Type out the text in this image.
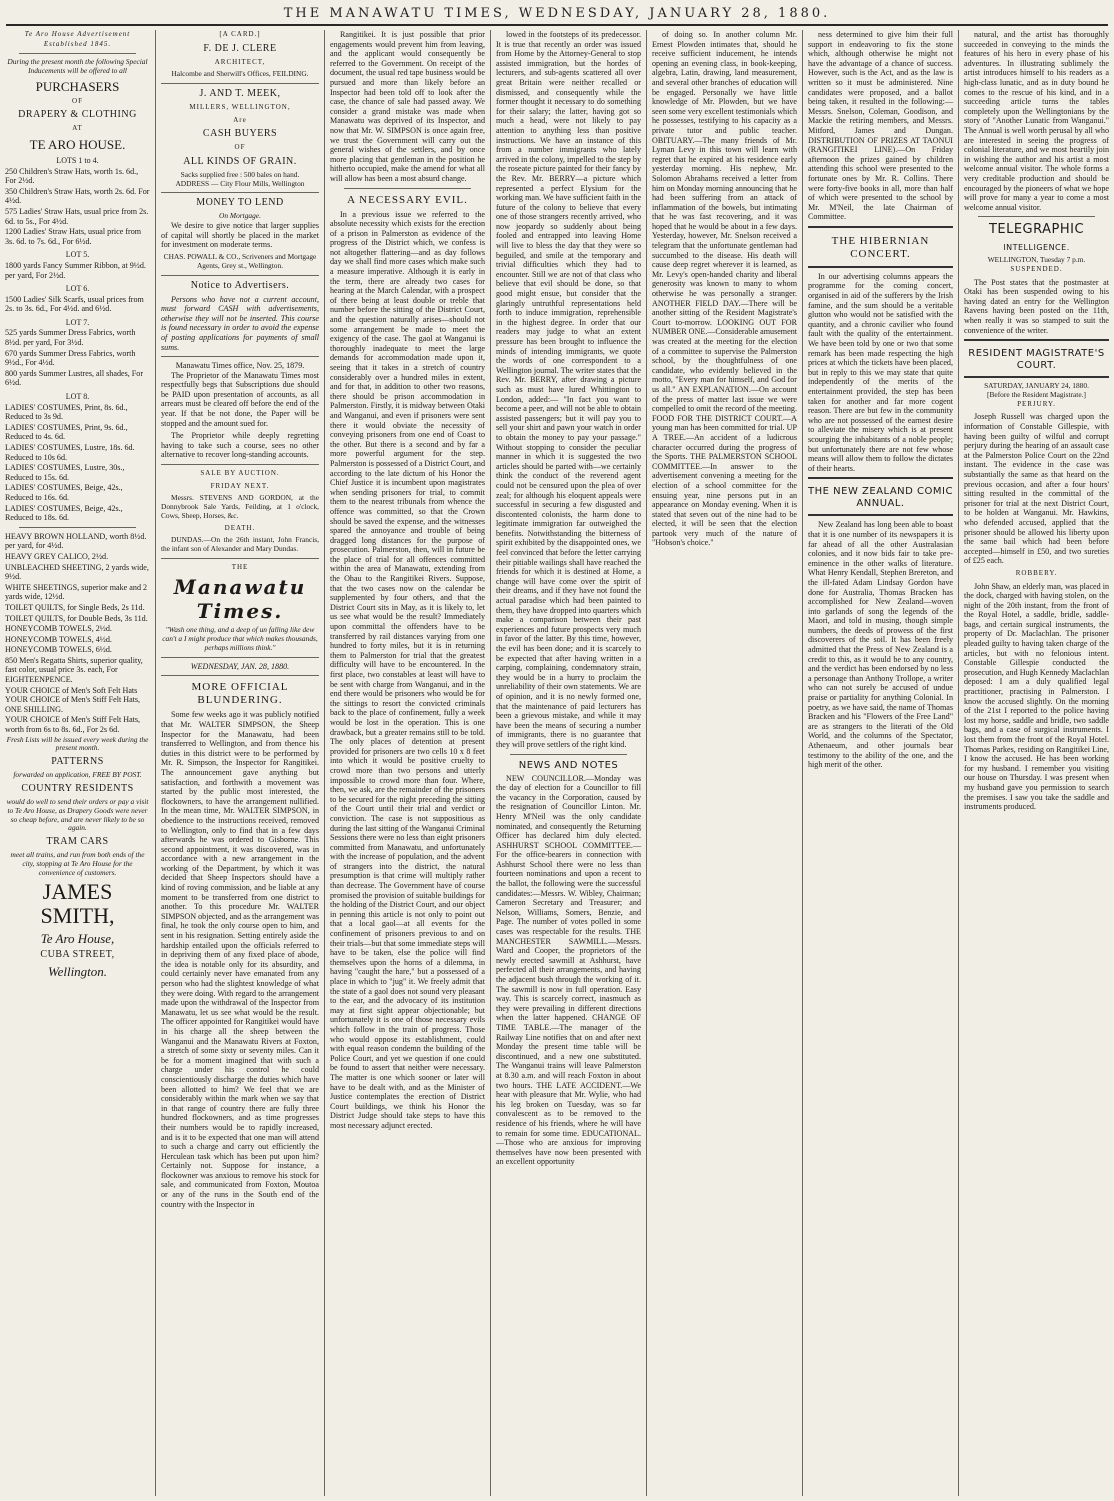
THE MANAWATU TIMES, WEDNESDAY, JANUARY 28, 1880.
Te Aro House Advertisement Established 1845.
During the present month the following Special Inducements will be offered to all
PURCHASERS
OF
DRAPERY & CLOTHING
AT
TE ARO HOUSE.
LOTS 1 to 4.
250 Children's Straw Hats, worth 1s. 6d., For 2½d.
350 Children's Straw Hats, worth 2s. 6d. For 4½d.
575 Ladies' Straw Hats, usual price from 2s. 6d. to 5s., For 4½d.
1200 Ladies' Straw Hats, usual price from 3s. 6d. to 7s. 6d., For 6½d.
LOT 5.
1800 yards Fancy Summer Ribbon, at 9½d. per yard, For 2½d.
LOT 6.
1500 Ladies' Silk Scarfs, usual prices from 2s. to 3s. 6d., For 4½d. and 6½d.
LOT 7.
525 yards Summer Dress Fabrics, worth 8½d. per yard, For 3½d.
670 yards Summer Dress Fabrics, worth 9½d., For 4½d.
800 yards Summer Lustres, all shades, For 6½d.
LOT 8.
LADIES' COSTUMES, Print, 8s. 6d., Reduced to 3s 9d.
LADIES' COSTUMES, Print, 9s. 6d., Reduced to 4s. 6d.
LADIES' COSTUMES, Lustre, 18s. 6d. Reduced to 10s 6d.
LADIES' COSTUMES, Lustre, 30s., Reduced to 15s. 6d.
LADIES' COSTUMES, Beige, 42s., Reduced to 16s. 6d.
LADIES' COSTUMES, Beige, 42s., Reduced to 18s. 6d.
HEAVY BROWN HOLLAND, worth 8½d. per yard, for 4½d.
HEAVY GREY CALICO, 2½d.
UNBLEACHED SHEETING, 2 yards wide, 9½d.
WHITE SHEETINGS, superior make and 2 yards wide, 12½d.
TOILET QUILTS, for Single Beds, 2s 11d.
TOILET QUILTS, for Double Beds, 3s 11d.
HONEYCOMB TOWELS, 2½d.
HONEYCOMB TOWELS, 4½d.
HONEYCOMB TOWELS, 6½d.
850 Men's Regatta Shirts, superior quality, fast color, usual price 3s. each, For EIGHTEENPENCE.
YOUR CHOICE of Men's Soft Felt Hats YOUR CHOICE of Men's Stiff Felt Hats, ONE SHILLING.
YOUR CHOICE of Men's Stiff Felt Hats, worth from 6s to 8s. 6d., For 2s 6d.
Fresh Lists will be issued every week during the present month.
PATTERNS
forwarded on application, FREE BY POST.
COUNTRY RESIDENTS
would do well to send their orders or pay a visit to Te Aro House, as Drapery Goods were never so cheap before, and are never likely to be so again.
TRAM CARS
meet all trains, and run from both ends of the city, stopping at Te Aro House for the convenience of customers.
JAMES SMITH,
Te Aro House,
CUBA STREET,
Wellington.
[A CARD.]
F. DE J. CLERE
ARCHITECT,
Halcombe and Sherwill's Offices, FEILDING.
J. AND T. MEEK,
MILLERS, WELLINGTON,
Are
CASH BUYERS
OF
ALL KINDS OF GRAIN.
Sacks supplied free : 500 bales on hand.
ADDRESS — City Flour Mills, Wellington
MONEY TO LEND
On Mortgage.

We desire to give notice that larger supplies of capital will shortly be placed in the market for investment on moderate terms.

CHAS. POWALL & CO., Scriveners and Mortgage Agents, Grey st., Wellington.
Notice to Advertisers.

Persons who have not a current account, must forward CASH with advertisements, otherwise they will not be inserted. This course is found necessary in order to avoid the expense of posting applications for payments of small sums.

Manawatu Times office, Nov. 25, 1879.

The Proprietor of the Manawatu Times most respectfully begs that Subscriptions due should be PAID upon presentation of accounts, as all arrears must be cleared off before the end of the year. If that be not done, the Paper will be stopped and the amount sued for.

The Proprietor while deeply regretting having to take such a course, sees no other alternative to recover long-standing accounts.

SALE BY AUCTION.
FRIDAY NEXT.

Messrs. STEVENS AND GORDON, at the Donnybrook Sale Yards, Feilding, at 1 o'clock, Cows, Sheep, Horses, &c.

DEATH.

DUNDAS.—On the 26th instant, John Francis, the infant son of Alexander and Mary Dundas.

THE
Manawatu Times.
"Wash one thing, and a deep of un falling like dew can't a I might produce that which makes thousands, perhaps millions think."
WEDNESDAY, JAN. 28, 1880.
MORE OFFICIAL BLUNDERING.

Some few weeks ago it was publicly notified that Mr. WALTER SIMPSON, the Sheep Inspector for the Manawatu, had been transferred to Wellington, and from thence his duties in this district were to be performed by Mr. R. Simpson, the Inspector for Rangitikei. The announcement gave anything but satisfaction, and forthwith a movement was started by the public most interested, the flockowners, to have the arrangement nullified. In the mean time, Mr. WALTER SIMPSON, in obedience to the instructions received, removed to Wellington, only to find that in a few days afterwards he was ordered to Gisborne. This second appointment, it was discovered, was in accordance with a new arrangement in the working of the Department, by which it was decided that Sheep Inspectors should have a kind of roving commission, and be liable at any moment to be transferred from one district to another. To this procedure Mr. WALTER SIMPSON objected, and as the arrangement was final, he took the only course open to him, and sent in his resignation. Setting entirely aside the hardship entailed upon the officials referred to in depriving them of any fixed place of abode, the idea is notable only for its absurdity, and could certainly never have emanated from any person who had the slightest knowledge of what they were doing. With regard to the arrangement made upon the withdrawal of the Inspector from Manawatu, let us see what would be the result. The officer appointed for Rangitikei would have in his charge all the sheep between the Wanganui and the Manawatu Rivers at Foxton, a stretch of some sixty or seventy miles. Can it be for a moment imagined that with such a charge under his control he could conscientiously discharge the duties which have been allotted to him? We feel that we are considerably within the mark when we say that in that range of country there are fully three hundred flockowners, and as time progresses their numbers would be to rapidly increased, and is it to be expected that one man will attend to such a charge and carry out efficiently the Herculean task which has been put upon him? Certainly not. Suppose for instance, a flockowner was anxious to remove his stock for sale, and communicated from Foxton, Moutoa or any of the runs in the South end of the country with the Inspector in

Rangitikei. It is just possible that prior engagements would prevent him from leaving, and the applicant would consequently be referred to the Government. On receipt of the document, the usual red tape business would be pursued and more than likely before an Inspector had been told off to look after the case, the chance of sale had passed away. We consider a grand mistake was made when Manawatu was deprived of its Inspector, and now that Mr. W. SIMPSON is once again free, we trust the Government will carry out the general wishes of the settlers, and by once more placing that gentleman in the position he hitherto occupied, make the amend for what all will allow has been a most absurd change.

A NECESSARY EVIL.

In a previous issue we referred to the absolute necessity which exists for the erection of a prison in Palmerston as evidence of the progress of the District which, we confess is not altogether flattering—and as day follows day we shall find more cases which make such a measure imperative. Although it is early in the term, there are already two cases for hearing at the March Calendar, with a prospect of there being at least double or treble that number before the sitting of the District Court, and the question naturally arises—should not some arrangement be made to meet the exigency of the case. The gaol at Wanganui is thoroughly inadequate to meet the large demands for accommodation made upon it, seeing that it takes in a stretch of country considerably over a hundred miles in extent, and for that, in addition to other two reasons, there should be prison accommodation in Palmerston. Firstly, it is midway between Otaki and Wanganui, and even if prisoners were sent there it would obviate the necessity of conveying prisoners from one end of Coast to the other. But there is a second and by far a more powerful argument for the step. Palmerston is possessed of a District Court, and according to the late dictum of his Honor the Chief Justice it is incumbent upon magistrates when sending prisoners for trial, to commit them to the nearest tribunals from whence the offence was committed, so that the Crown should be saved the expense, and the witnesses spared the annoyance and trouble of being dragged long distances for the purpose of prosecution. Palmerston, then, will in future be the place of trial for all offences committed within the area of Manawatu, extending from the Ohau to the Rangitikei Rivers. Suppose, that the two cases now on the calendar be supplemented by four others, and that the District Court sits in May, as it is likely to, let us see what would be the result? Immediately upon committal the offenders have to be transferred by rail distances varying from one hundred to forty miles, but it is in returning them to Palmerston for trial that the greatest difficulty will have to be encountered. In the first place, two constables at least will have to be sent with charge from Wanganui, and in the end there would be prisoners who would be for the sittings to resort the convicted criminals back to the place of confinement, fully a week would be lost in the operation. This is one drawback, but a greater remains still to be told. The only places of detention at present provided for prisoners are two cells 10 x 8 feet into which it would be positive cruelty to crowd more than two persons and utterly impossible to crowd more than four. Where, then, we ask, are the remainder of the prisoners to be secured for the night preceding the sitting of the Court until their trial and verdict or conviction. The case is not suppositious as during the last sitting of the Wanganui Criminal Sessions there were no less than eight prisoners committed from Manawatu, and unfortunately with the increase of population, and the advent of strangers into the district, the natural presumption is that crime will multiply rather than decrease. The Government have of course promised the provision of suitable buildings for the holding of the District Court, and our object in penning this article is not only to point out that a local gaol—at all events for the confinement of prisoners previous to and on their trials—but that some immediate steps will have to be taken, else the police will find themselves upon the horns of a dilemma, in having "caught the hare," but a possessed of a place in which to "jug" it. We freely admit that the state of a gaol does not sound very pleasant to the ear, and the advocacy of its institution may at first sight appear objectionable; but unfortunately it is one of those necessary evils which follow in the train of progress. Those who would oppose its establishment, could with equal reason condemn the building of the Police Court, and yet we question if one could be found to assert that neither were necessary. The matter is one which sooner or later will have to be dealt with, and as the Minister of Justice contemplates the erection of District Court buildings, we think his Honor the District Judge should take steps to have this most necessary adjunct erected.

lowed in the footsteps of its predecessor. It is true that recently an order was issued from Home by the Attorney-General to stop assisted immigration, but the hordes of lecturers, and sub-agents scattered all over great Britain were neither recalled or dismissed, and consequently while the former thought it necessary to do something for their salary; the latter, having got so much a head, were not likely to pay attention to anything less than positive instructions. We have an instance of this from a number immigrants who lately arrived in the colony, impelled to the step by the roseate picture painted for their fancy by the Rev. Mr. BERRY—a picture which represented a perfect Elysium for the working man. We have sufficient faith in the future of the colony to believe that every one of those strangers recently arrived, who now jeopardy so suddenly about being fooled and entrapped into leaving Home will live to bless the day that they were so beguiled, and smile at the temporary and trivial difficulties which they had to encounter. Still we are not of that class who believe that evil should be done, so that good might ensue, but consider that the glaringly untruthful representations held forth to induce immigration, reprehensible in the highest degree. In order that our readers may judge to what an extent pressure has been brought to influence the minds of intending immigrants, we quote the words of one correspondent to a Wellington journal. The writer states that the Rev. Mr. BERRY, after drawing a picture such as must have lured Whittington to London, added:— "In fact you want to become a peer, and will not be able to obtain assisted passengers; but it will pay you to sell your shirt and pawn your watch in order to obtain the money to pay your passage." Without stopping to consider the peculiar manner in which it is suggested the two articles should be parted with—we certainly think the conduct of the reverend agent could not be censured upon the plea of over zeal; for although his eloquent appeals were successful in securing a few disgusted and discontented colonists, the harm done to legitimate immigration far outweighed the benefits. Notwithstanding the bitterness of spirit exhibited by the disappointed ones, we feel convinced that before the letter carrying their pitiable wailings shall have reached the friends for which it is destined at Home, a change will have come over the spirit of their dreams, and if they have not found the actual paradise which had been painted to them, they have dropped into quarters which make a comparison between their past experiences and future prospects very much in favor of the latter. By this time, however, the evil has been done; and it is scarcely to be expected that after having written in a carping, complaining, condemnatory strain, they would be in a hurry to proclaim the unreliability of their own statements. We are of opinion, and it is no newly formed one, that the maintenance of paid lecturers has been a grievous mistake, and while it may have been the means of securing a number of immigrants, there is no guarantee that they will prove settlers of the right kind.

NEWS AND NOTES

NEW COUNCILLOR.—Monday was the day of election for a Councillor to fill the vacancy in the Corporation, caused by the resignation of Councillor Linton. Mr. Henry M'Neil was the only candidate nominated, and consequently the Returning Officer has declared him duly elected. ASHHURST SCHOOL COMMITTEE.—For the office-bearers in connection with Ashhurst School there were no less than fourteen nominations and upon a recent to the ballot, the following were the successful candidates:—Messrs. W. Wibley, Chairman; Cameron Secretary and Treasurer; and Nelson, Williams, Somers, Benzie, and Page. The number of votes polled in some cases was respectable for the results. THE MANCHESTER SAWMILL.—Messrs. Ward and Cooper, the proprietors of the newly erected sawmill at Ashhurst, have perfected all their arrangements, and having the adjacent bush through the working of it. The sawmill is now in full operation. Easy way. This is scarcely correct, inasmuch as they were prevailing in different directions when the latter happened. CHANGE OF TIME TABLE.—The manager of the Railway Line notifies that on and after next Monday the present time table will be discontinued, and a new one substituted. The Wanganui trains will leave Palmerston at 8.30 a.m. and will reach Foxton in about two hours. THE LATE ACCIDENT.—We hear with pleasure that Mr. Wylie, who had his leg broken on Tuesday, was so far convalescent as to be removed to the residence of his friends, where he will have to remain for some time. EDUCATIONAL.—Those who are anxious for improving themselves have now been presented with an excellent opportunity

of doing so. In another column Mr. Ernest Plowden intimates that, should he receive sufficient inducement, he intends opening an evening class, in book-keeping, algebra, Latin, drawing, land measurement, and several other branches of education will be engaged. Personally we have little knowledge of Mr. Plowden, but we have seen some very excellent testimonials which he possesses, testifying to his capacity as a private tutor and public teacher. OBITUARY.—The many friends of Mr. Lyman Levy in this town will learn with regret that he expired at his residence early yesterday morning. His nephew, Mr. Solomon Abrahams received a letter from him on Monday morning announcing that he had been suffering from an attack of inflammation of the bowels, but intimating that he was fast recovering, and it was hoped that he would be about in a few days. Yesterday, however, Mr. Snelson received a telegram that the unfortunate gentleman had succumbed to the disease. His death will cause deep regret wherever it is learned, as Mr. Levy's open-handed charity and liberal generosity was known to many to whom otherwise he was personally a stranger. ANOTHER FIELD DAY.—There will be another sitting of the Resident Magistrate's Court to-morrow. LOOKING OUT FOR NUMBER ONE.—Considerable amusement was created at the meeting for the election of a committee to supervise the Palmerston school, by the thoughtfulness of one candidate, who evidently believed in the motto, "Every man for himself, and God for us all." AN EXPLANATION.—On account of the press of matter last issue we were compelled to omit the record of the meeting. FOOD FOR THE DISTRICT COURT.—A young man has been committed for trial. UP A TREE.—An accident of a ludicrous character occurred during the progress of the Sports. THE PALMERSTON SCHOOL COMMITTEE.—In answer to the advertisement convening a meeting for the election of a school committee for the ensuing year, nine persons put in an appearance on Monday evening. When it is stated that seven out of the nine had to be elected, it will be seen that the election partook very much of the nature of "Hobson's choice."

ness determined to give him their full support in endeavoring to fix the stone which, although otherwise he might not have the advantage of a chance of success. However, such is the Act, and as the law is written so it must be administered. Nine candidates were proposed, and a ballot being taken, it resulted in the following:—Messrs. Snelson, Coleman, Goodison, and Mackie the retiring members, and Messrs. Mitford, James and Dungan. DISTRIBUTION OF PRIZES AT TAONUI (RANGITIKEI LINE).—On Friday afternoon the prizes gained by children attending this school were presented to the fortunate ones by Mr. R. Collins. There were forty-five books in all, more than half of which were presented to the school by Mr. M'Neil, the late Chairman of Committee.

THE HIBERNIAN CONCERT.

In our advertising columns appears the programme for the coming concert, organised in aid of the sufferers by the Irish famine, and the sum should be a veritable glutton who would not be satisfied with the quantity, and a chronic cavilier who found fault with the quality of the entertainment. We have been told by one or two that some remark has been made respecting the high prices at which the tickets have been placed, but in reply to this we may state that quite independently of the merits of the entertainment provided, the step has been taken for another and far more cogent reason. There are but few in the community who are not possessed of the earnest desire to alleviate the misery which is at present scourging the inhabitants of a noble people; but unfortunately there are not few whose means will allow them to follow the dictates of their hearts.

THE NEW ZEALAND COMIC ANNUAL.

New Zealand has long been able to boast that it is one number of its newspapers it is far ahead of all the other Australasian colonies, and it now bids fair to take pre-eminence in the other walks of literature. What Henry Kendall, Stephen Brereton, and the ill-fated Adam Lindsay Gordon have done for Australia, Thomas Bracken has accomplished for New Zealand—woven into garlands of song the legends of the Maori, and told in musing, though simple numbers, the deeds of prowess of the first discoverers of the soil. It has been freely admitted that the Press of New Zealand is a credit to this, as it would be to any country, and the verdict has been endorsed by no less a personage than Anthony Trollope, a writer who can not surely be accused of undue praise or partiality for anything Colonial. In poetry, as we have said, the name of Thomas Bracken and his "Flowers of the Free Land" are as strangers to the literati of the Old World, and the columns of the Spectator, Athenaeum, and other journals bear testimony to the ability of the one, and the high merit of the other.

natural, and the artist has thoroughly succeeded in conveying to the minds the features of his hero in every phase of his adventures. In illustrating sublimely the artist introduces himself to his readers as a high-class lunatic, and as in duty bound he comes to the rescue of his kind, and in a succeeding article turns the tables completely upon the Wellingtonians by the story of "Another Lunatic from Wanganui." The Annual is well worth perusal by all who are interested in seeing the progress of colonial literature, and we most heartily join in wishing the author and his artist a most welcome annual visitor. The whole forms a very creditable production and should be encouraged by the pioneers of what we hope will prove for many a year to come a most welcome annual visitor.

TELEGRAPHIC
INTELLIGENCE.
WELLINGTON, Tuesday 7 p.m.
SUSPENDED.

The Post states that the postmaster at Otaki has been suspended owing to his having dated an entry for the Wellington Ravens having been posted on the 11th, when really it was so stamped to suit the convenience of the writer.

RESIDENT MAGISTRATE'S COURT.
SATURDAY, JANUARY 24, 1880.
[Before the Resident Magistrate.]
PERJURY.

Joseph Russell was charged upon the information of Constable Gillespie, with having been guilty of wilful and corrupt perjury during the hearing of an assault case at the Palmerston Police Court on the 22nd instant. The evidence in the case was substantially the same as that heard on the previous occasion, and after a four hours' sitting resulted in the committal of the prisoner for trial at the next District Court, to be holden at Wanganui. Mr. Hawkins, who defended accused, applied that the prisoner should be allowed his liberty upon the same bail which had been before accepted—himself in £50, and two sureties of £25 each.

ROBBERY.

John Shaw, an elderly man, was placed in the dock, charged with having stolen, on the night of the 20th instant, from the front of the Royal Hotel, a saddle, bridle, saddle-bags, and certain surgical instruments, the property of Dr. Maclachlan. The prisoner pleaded guilty to having taken charge of the articles, but with no felonious intent. Constable Gillespie conducted the prosecution, and Hugh Kennedy Maclachlan deposed: I am a duly qualified legal practitioner, practising in Palmerston. I know the accused slightly. On the morning of the 21st I reported to the police having lost my horse, saddle and bridle, two saddle bags, and a case of surgical instruments. I lost them from the front of the Royal Hotel. Thomas Parkes, residing on Rangitikei Line, I know the accused. He has been working for my husband. I remember you visiting our house on Thursday. I was present when my husband gave you permission to search the premises. I saw you take the saddle and instruments produced.
